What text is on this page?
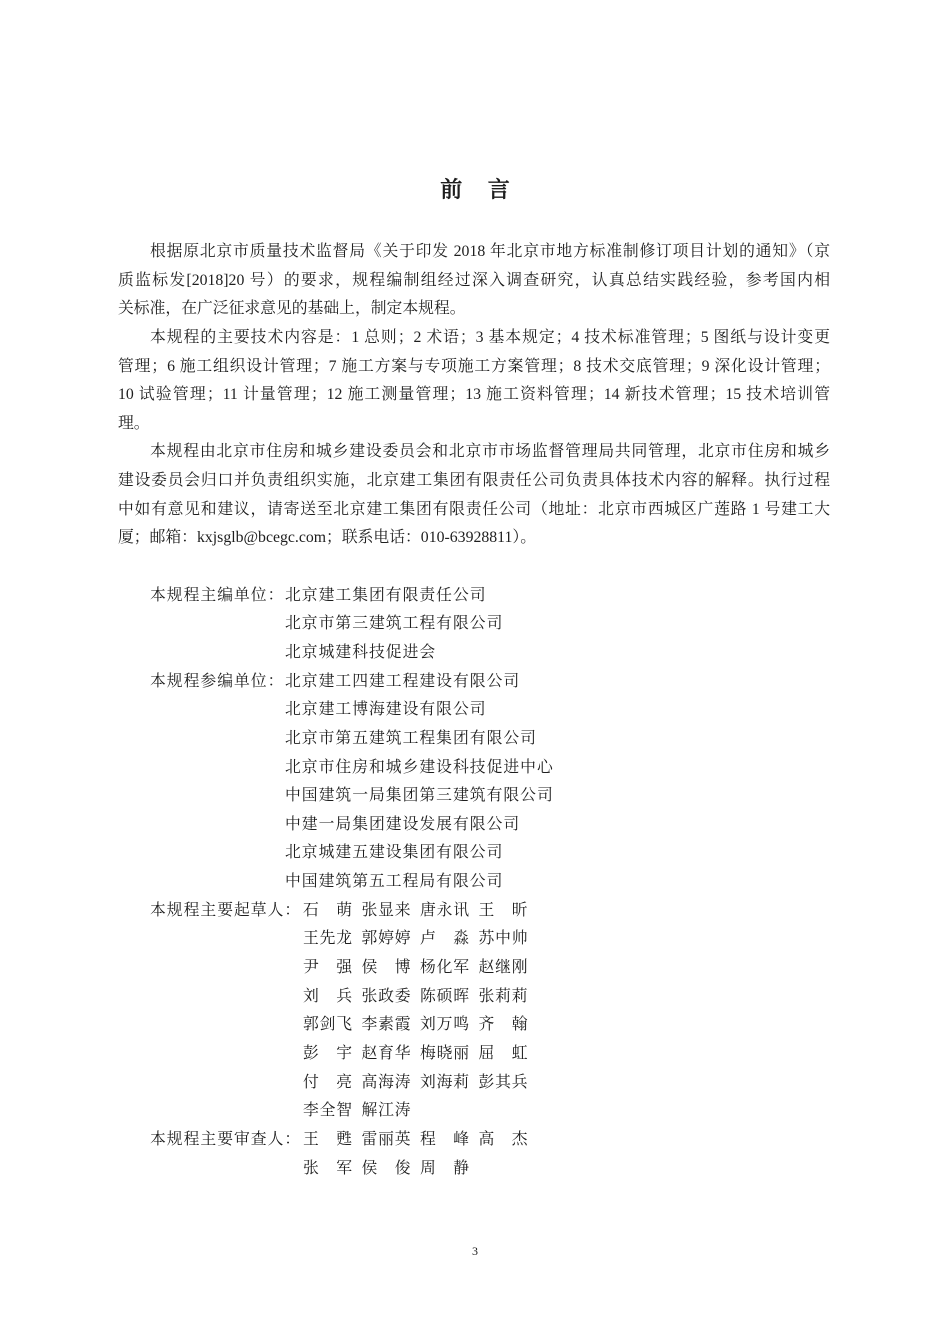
前 言
根据原北京市质量技术监督局《关于印发 2018 年北京市地方标准制修订项目计划的通知》（京
质监标发[2018]20 号）的要求，规程编制组经过深入调查研究，认真总结实践经验，参考国内相
关标准，在广泛征求意见的基础上，制定本规程。
本规程的主要技术内容是：1 总则；2 术语；3 基本规定；4 技术标准管理；5 图纸与设计变更
管理；6 施工组织设计管理；7 施工方案与专项施工方案管理；8 技术交底管理；9 深化设计管理；
10 试验管理；11 计量管理；12 施工测量管理；13 施工资料管理；14 新技术管理；15 技术培训管
理。
本规程由北京市住房和城乡建设委员会和北京市市场监督管理局共同管理，北京市住房和城乡
建设委员会归口并负责组织实施，北京建工集团有限责任公司负责具体技术内容的解释。执行过程
中如有意见和建议，请寄送至北京建工集团有限责任公司（地址：北京市西城区广莲路 1 号建工大
厦；邮箱：kxjsglb@bcegc.com；联系电话：010-63928811）。
本规程主编单位： 北京建工集团有限责任公司
北京市第三建筑工程有限公司
北京城建科技促进会
本规程参编单位： 北京建工四建工程建设有限公司
北京建工博海建设有限公司
北京市第五建筑工程集团有限公司
北京市住房和城乡建设科技促进中心
中国建筑一局集团第三建筑有限公司
中建一局集团建设发展有限公司
北京城建五建设集团有限公司
中国建筑第五工程局有限公司
本规程主要起草人： 石 萌 张显来 唐永讯 王 昕
王先龙 郭婷婷 卢 淼 苏中帅
尹 强 侯 博 杨化军 赵继刚
刘 兵 张政委 陈硕晖 张莉莉
郭剑飞 李素霞 刘万鸣 齐 翰
彭 宇 赵育华 梅晓丽 屈 虹
付 亮 高海涛 刘海莉 彭其兵
李全智 解江涛
本规程主要审查人： 王 甦 雷丽英 程 峰 高 杰
张 军 侯 俊 周 静
3
